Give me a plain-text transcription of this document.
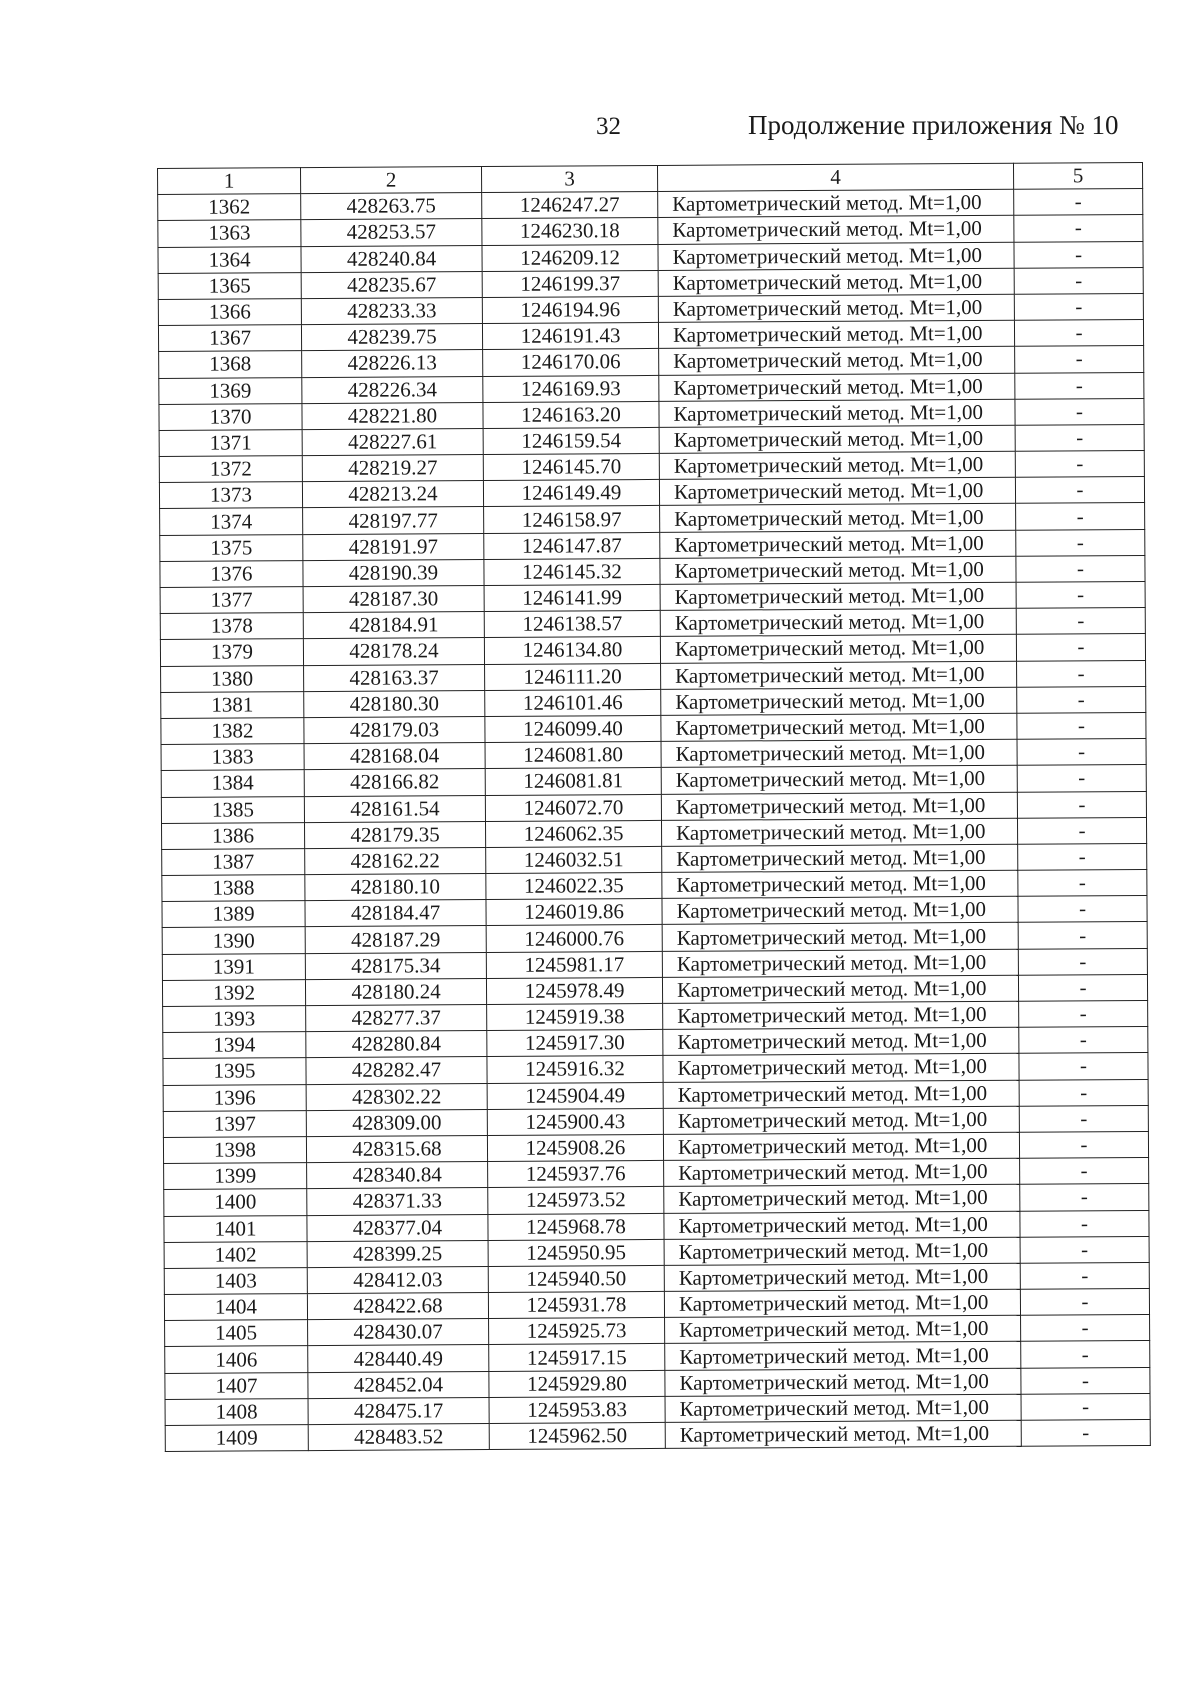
32	Продолжение приложения № 10
1	2	3	4	5
1362	428263.75	1246247.27	Картометрический метод. Mt=1,00	-
1363	428253.57	1246230.18	Картометрический метод. Mt=1,00	-
1364	428240.84	1246209.12	Картометрический метод. Mt=1,00	-
1365	428235.67	1246199.37	Картометрический метод. Mt=1,00	-
1366	428233.33	1246194.96	Картометрический метод. Mt=1,00	-
1367	428239.75	1246191.43	Картометрический метод. Mt=1,00	-
1368	428226.13	1246170.06	Картометрический метод. Mt=1,00	-
1369	428226.34	1246169.93	Картометрический метод. Mt=1,00	-
1370	428221.80	1246163.20	Картометрический метод. Mt=1,00	-
1371	428227.61	1246159.54	Картометрический метод. Mt=1,00	-
1372	428219.27	1246145.70	Картометрический метод. Mt=1,00	-
1373	428213.24	1246149.49	Картометрический метод. Mt=1,00	-
1374	428197.77	1246158.97	Картометрический метод. Mt=1,00	-
1375	428191.97	1246147.87	Картометрический метод. Mt=1,00	-
1376	428190.39	1246145.32	Картометрический метод. Mt=1,00	-
1377	428187.30	1246141.99	Картометрический метод. Mt=1,00	-
1378	428184.91	1246138.57	Картометрический метод. Mt=1,00	-
1379	428178.24	1246134.80	Картометрический метод. Mt=1,00	-
1380	428163.37	1246111.20	Картометрический метод. Mt=1,00	-
1381	428180.30	1246101.46	Картометрический метод. Mt=1,00	-
1382	428179.03	1246099.40	Картометрический метод. Mt=1,00	-
1383	428168.04	1246081.80	Картометрический метод. Mt=1,00	-
1384	428166.82	1246081.81	Картометрический метод. Mt=1,00	-
1385	428161.54	1246072.70	Картометрический метод. Mt=1,00	-
1386	428179.35	1246062.35	Картометрический метод. Mt=1,00	-
1387	428162.22	1246032.51	Картометрический метод. Mt=1,00	-
1388	428180.10	1246022.35	Картометрический метод. Mt=1,00	-
1389	428184.47	1246019.86	Картометрический метод. Mt=1,00	-
1390	428187.29	1246000.76	Картометрический метод. Mt=1,00	-
1391	428175.34	1245981.17	Картометрический метод. Mt=1,00	-
1392	428180.24	1245978.49	Картометрический метод. Mt=1,00	-
1393	428277.37	1245919.38	Картометрический метод. Mt=1,00	-
1394	428280.84	1245917.30	Картометрический метод. Mt=1,00	-
1395	428282.47	1245916.32	Картометрический метод. Mt=1,00	-
1396	428302.22	1245904.49	Картометрический метод. Mt=1,00	-
1397	428309.00	1245900.43	Картометрический метод. Mt=1,00	-
1398	428315.68	1245908.26	Картометрический метод. Mt=1,00	-
1399	428340.84	1245937.76	Картометрический метод. Mt=1,00	-
1400	428371.33	1245973.52	Картометрический метод. Mt=1,00	-
1401	428377.04	1245968.78	Картометрический метод. Mt=1,00	-
1402	428399.25	1245950.95	Картометрический метод. Mt=1,00	-
1403	428412.03	1245940.50	Картометрический метод. Mt=1,00	-
1404	428422.68	1245931.78	Картометрический метод. Mt=1,00	-
1405	428430.07	1245925.73	Картометрический метод. Mt=1,00	-
1406	428440.49	1245917.15	Картометрический метод. Mt=1,00	-
1407	428452.04	1245929.80	Картометрический метод. Mt=1,00	-
1408	428475.17	1245953.83	Картометрический метод. Mt=1,00	-
1409	428483.52	1245962.50	Картометрический метод. Mt=1,00	-
